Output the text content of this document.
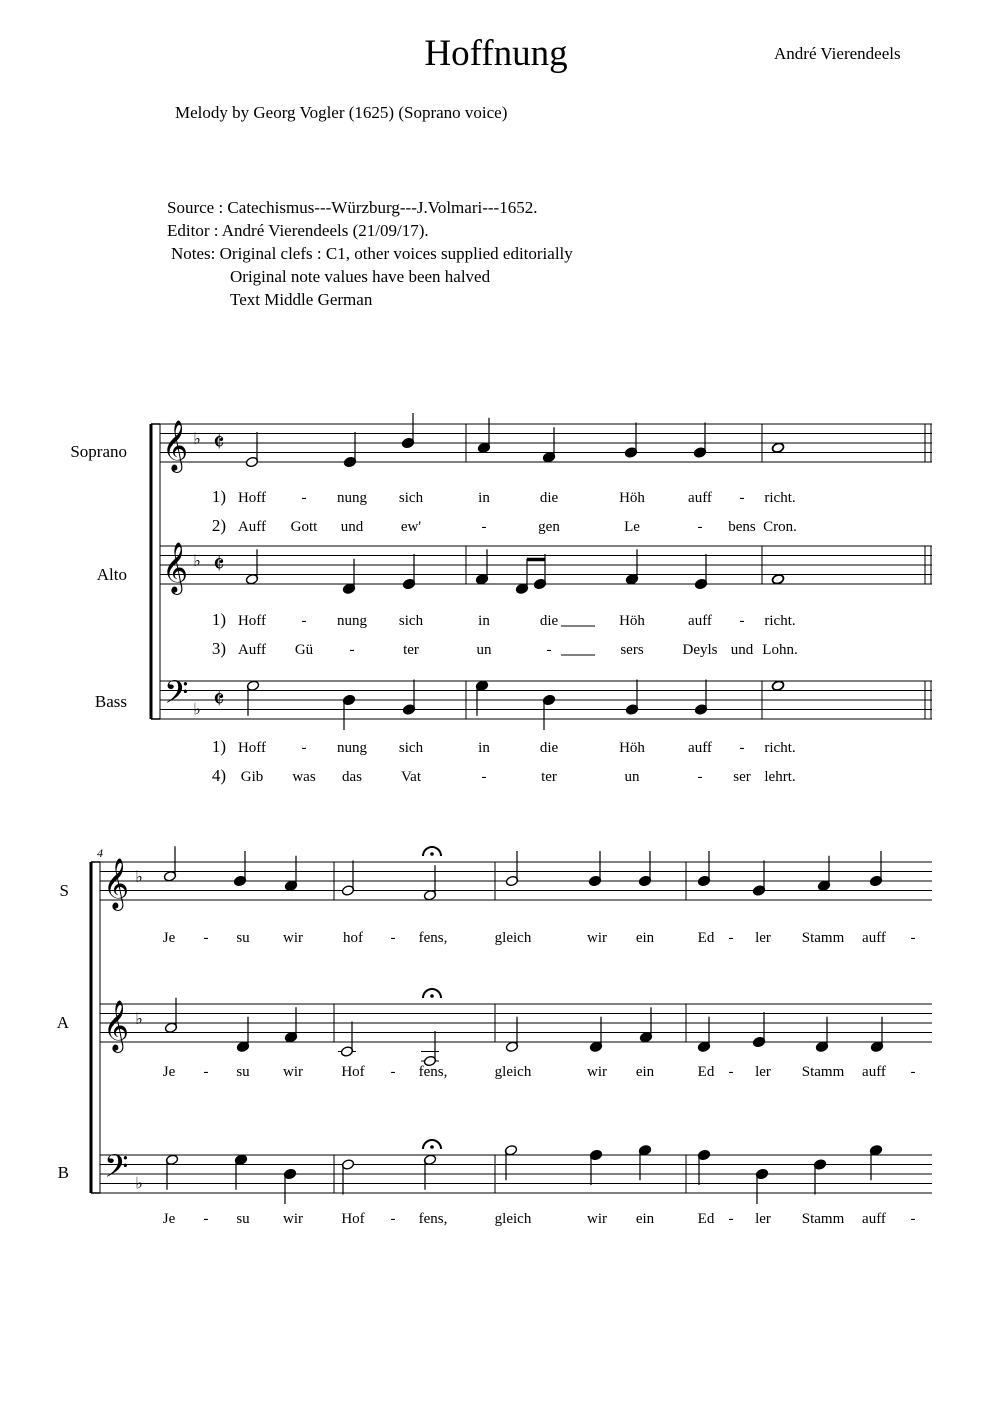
Hoffnung	André Vierendeels
Melody by Georg Vogler (1625) (Soprano voice)
Source : Catechismus---Würzburg---J.Volmari---1652.
Editor : André Vierendeels (21/09/17).
Notes: Original clefs : C1, other voices supplied editorially
Original note values have been halved
Text Middle German
Soprano
Alto
Bass
𝄞 ♭ 𝄵
𝄞 ♭ 𝄵
𝄢 ♭ 𝄵
1) Hoff - nung sich	in	die	Höh	auff - richt.
2) Auff Gott und	ew'	-	gen	Le	- bens Cron.
1) Hoff - nung sich	in	die	Höh	auff - richt.
3) Auff Gü -	ter	un	-	sers	Deyls und Lohn.
1) Hoff - nung sich	in	die	Höh	auff - richt.
4) Gib was das	Vat	-	ter	un	- ser lehrt.
4
S
A
B
𝄞 ♭
𝄞 ♭
𝄢 ♭
Je - su wir	hof - fens,	gleich	wir ein	Ed - ler Stamm auff -
Je - su wir	Hof - fens,	gleich	wir ein	Ed - ler Stamm auff -
Je - su wir	Hof - fens,	gleich	wir ein	Ed - ler Stamm auff -
